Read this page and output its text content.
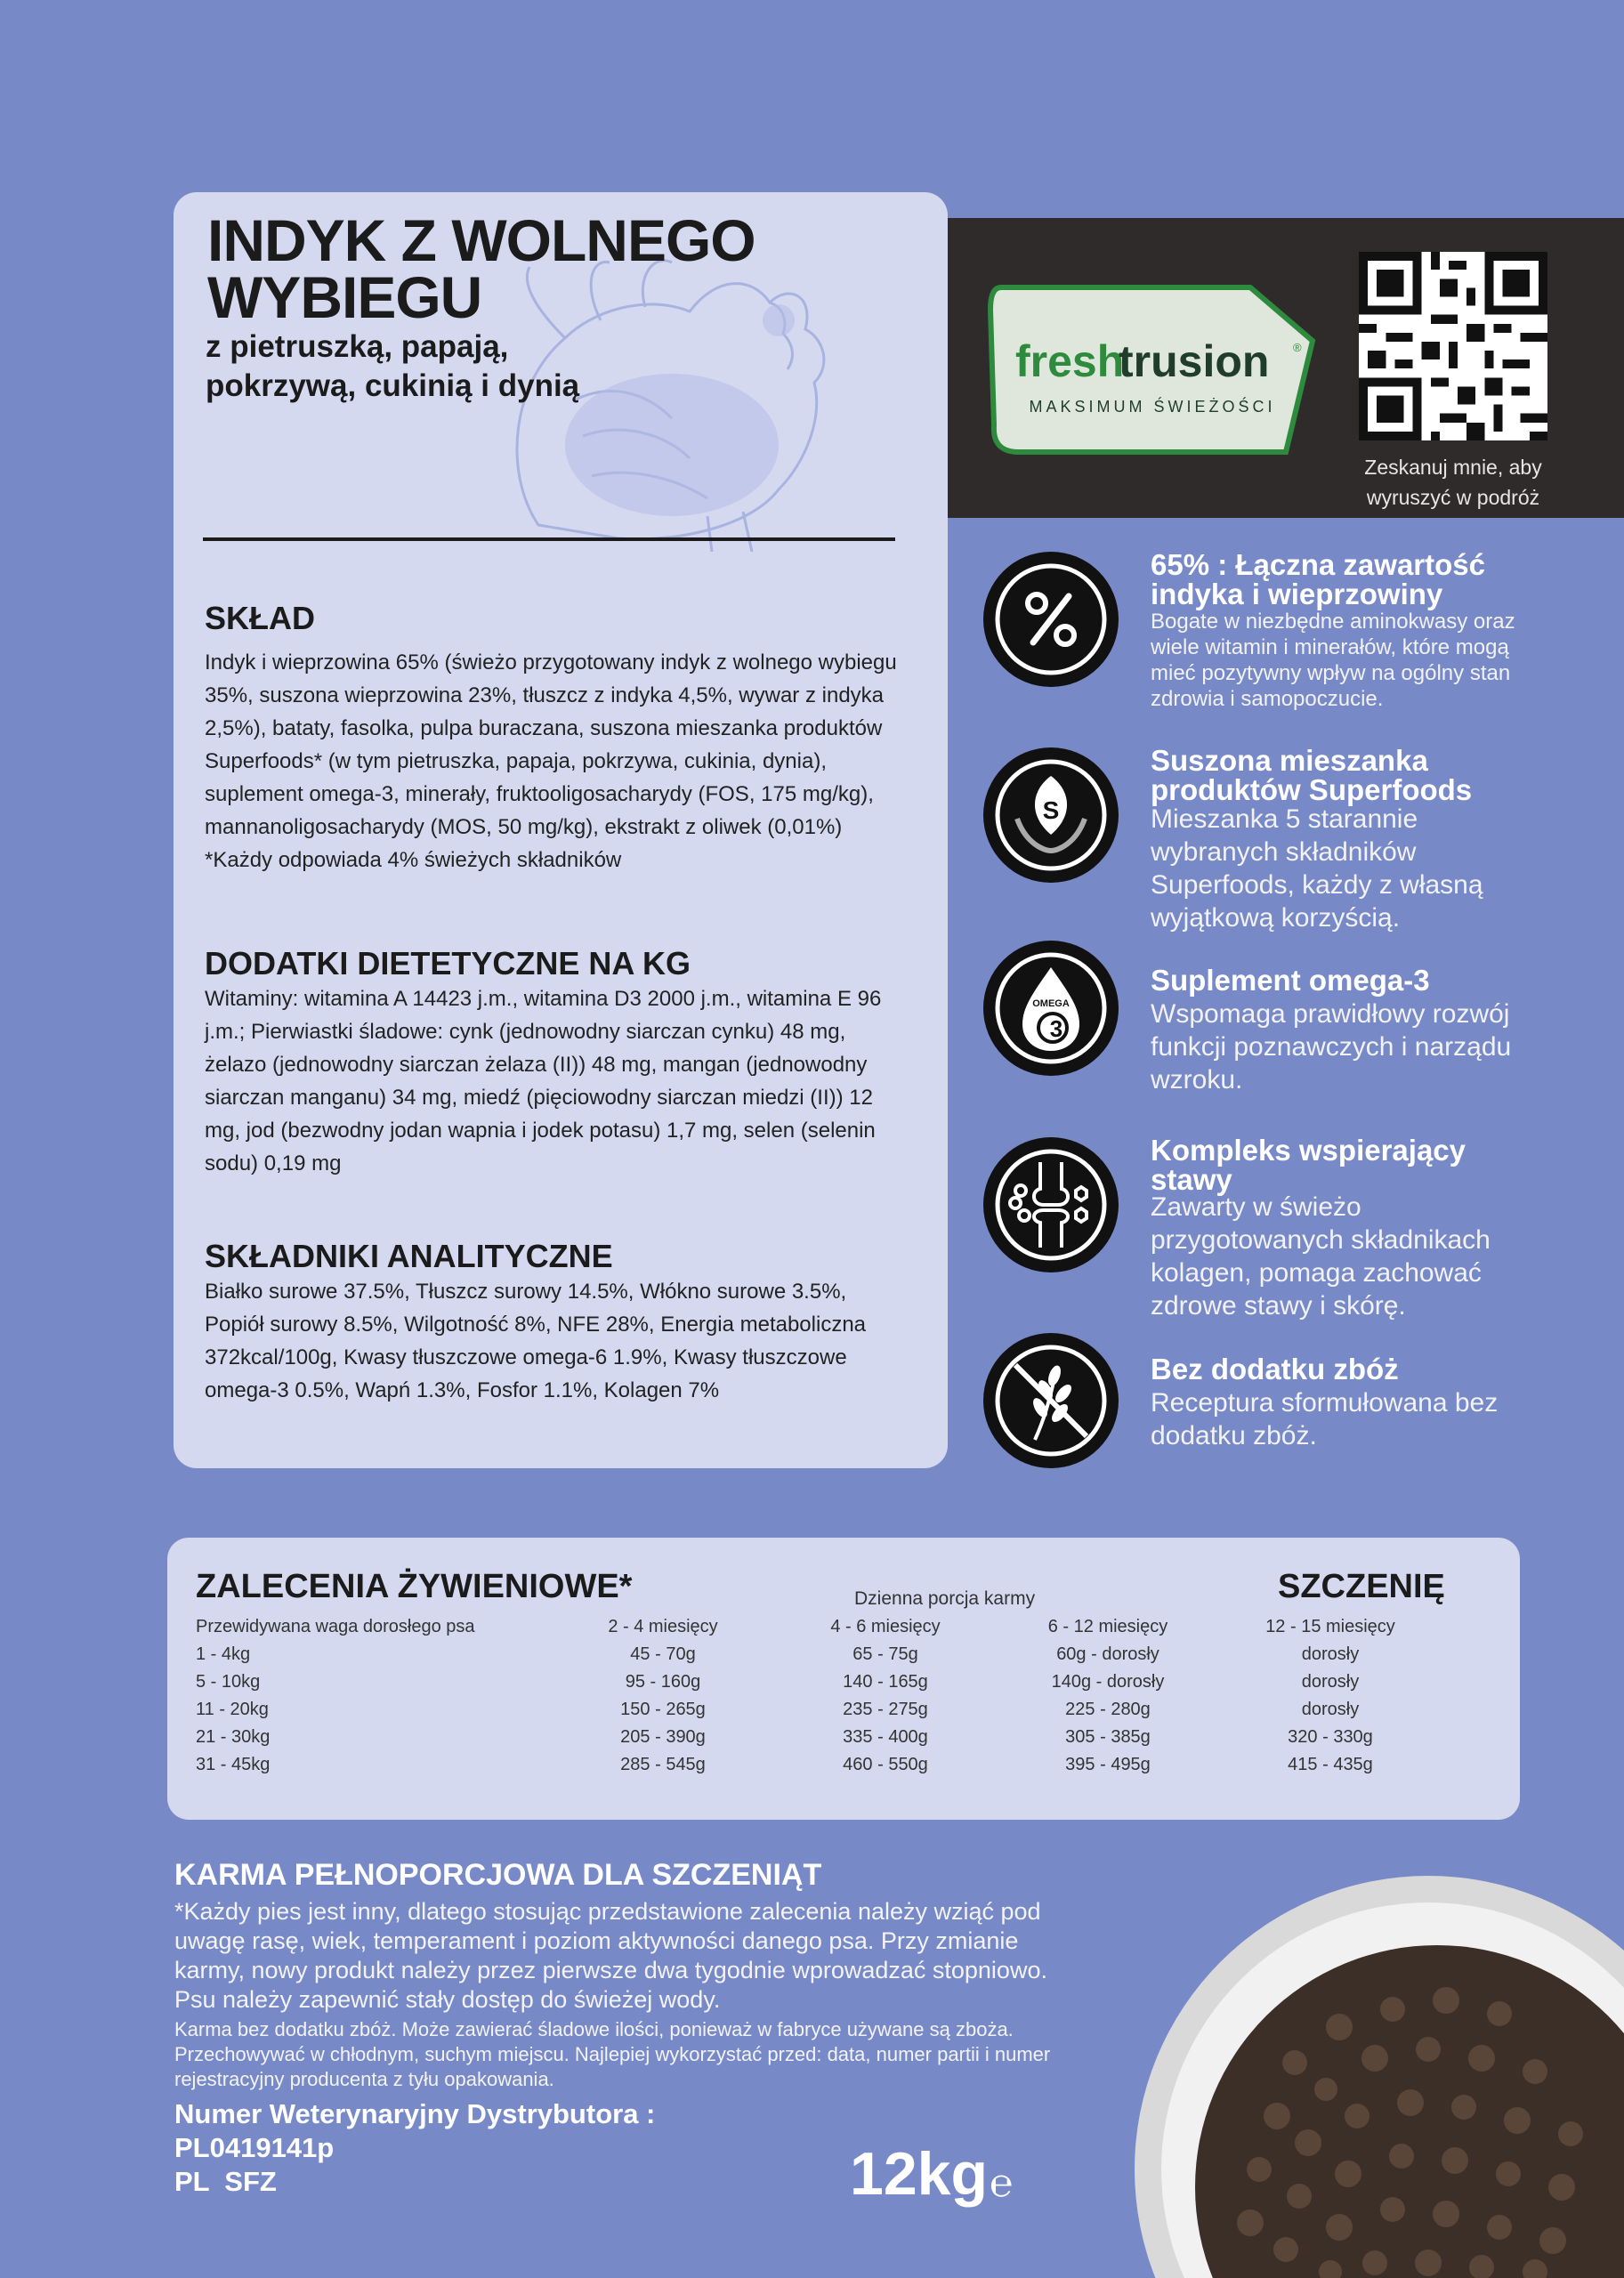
INDYK Z WOLNEGO
WYBIEGU
z pietruszką, papają,
pokrzywą, cukinią i dynią
SKŁAD
Indyk i wieprzowina 65% (świeżo przygotowany indyk z wolnego wybiegu 35%, suszona wieprzowina 23%, tłuszcz z indyka 4,5%, wywar z indyka 2,5%), bataty, fasolka, pulpa buraczana, suszona mieszanka produktów Superfoods* (w tym pietruszka, papaja, pokrzywa, cukinia, dynia), suplement omega-3, minerały, fruktooligosacharydy (FOS, 175 mg/kg), mannanoligosacharydy (MOS, 50 mg/kg), ekstrakt z oliwek (0,01%)
*Każdy odpowiada 4% świeżych składników
DODATKI DIETETYCZNE NA KG
Witaminy: witamina A 14423 j.m., witamina D3 2000 j.m., witamina E 96 j.m.; Pierwiastki śladowe: cynk (jednowodny siarczan cynku) 48 mg, żelazo (jednowodny siarczan żelaza (II)) 48 mg, mangan (jednowodny siarczan manganu) 34 mg, miedź (pięciowodny siarczan miedzi (II)) 12 mg, jod (bezwodny jodan wapnia i jodek potasu) 1,7 mg, selen (selenin sodu) 0,19 mg
SKŁADNIKI ANALITYCZNE
Białko surowe 37.5%, Tłuszcz surowy 14.5%, Włókno surowe 3.5%, Popiół surowy 8.5%, Wilgotność 8%, NFE 28%, Energia metaboliczna 372kcal/100g, Kwasy tłuszczowe omega-6 1.9%, Kwasy tłuszczowe omega-3 0.5%, Wapń 1.3%, Fosfor 1.1%, Kolagen 7%
fresh
trusion ®
MAKSIMUM ŚWIEŻOŚCI
Zeskanuj mnie, aby
wyruszyć w podróż
65% : Łączna zawartość indyka i wieprzowiny
Bogate w niezbędne aminokwasy oraz wiele witamin i minerałów, które mogą mieć pozytywny wpływ na ogólny stan zdrowia i samopoczucie.
S
Suszona mieszanka produktów Superfoods
Mieszanka 5 starannie wybranych składników Superfoods, każdy z własną wyjątkową korzyścią.
OMEGA
3
Suplement omega-3
Wspomaga prawidłowy rozwój funkcji poznawczych i narządu wzroku.
Kompleks wspierający stawy
Zawarty w świeżo przygotowanych składnikach kolagen, pomaga zachować zdrowe stawy i skórę.
Bez dodatku zbóż
Receptura sformułowana bez dodatku zbóż.
ZALECENIA ŻYWIENIOWE*	Dzienna porcja karmy	SZCZENIĘ
Przewidywana waga dorosłego psa	2 - 4 miesięcy	4 - 6 miesięcy	6 - 12 miesięcy	12 - 15 miesięcy
1 - 4kg	45 - 70g	65 - 75g	60g - dorosły	dorosły
5 - 10kg	95 - 160g	140 - 165g	140g - dorosły	dorosły
11 - 20kg	150 - 265g	235 - 275g	225 - 280g	dorosły
21 - 30kg	205 - 390g	335 - 400g	305 - 385g	320 - 330g
31 - 45kg	285 - 545g	460 - 550g	395 - 495g	415 - 435g
KARMA PEŁNOPORCJOWA DLA SZCZENIĄT
*Każdy pies jest inny, dlatego stosując przedstawione zalecenia należy wziąć pod uwagę rasę, wiek, temperament i poziom aktywności danego psa. Przy zmianie karmy, nowy produkt należy przez pierwsze dwa tygodnie wprowadzać stopniowo. Psu należy zapewnić stały dostęp do świeżej wody.
Karma bez dodatku zbóż. Może zawierać śladowe ilości, ponieważ w fabryce używane są zboża. Przechowywać w chłodnym, suchym miejscu. Najlepiej wykorzystać przed: data, numer partii i numer rejestracyjny producenta z tyłu opakowania.
Numer Weterynaryjny Dystrybutora :
PL0419141p
PL  SFZ	12kg ℮
